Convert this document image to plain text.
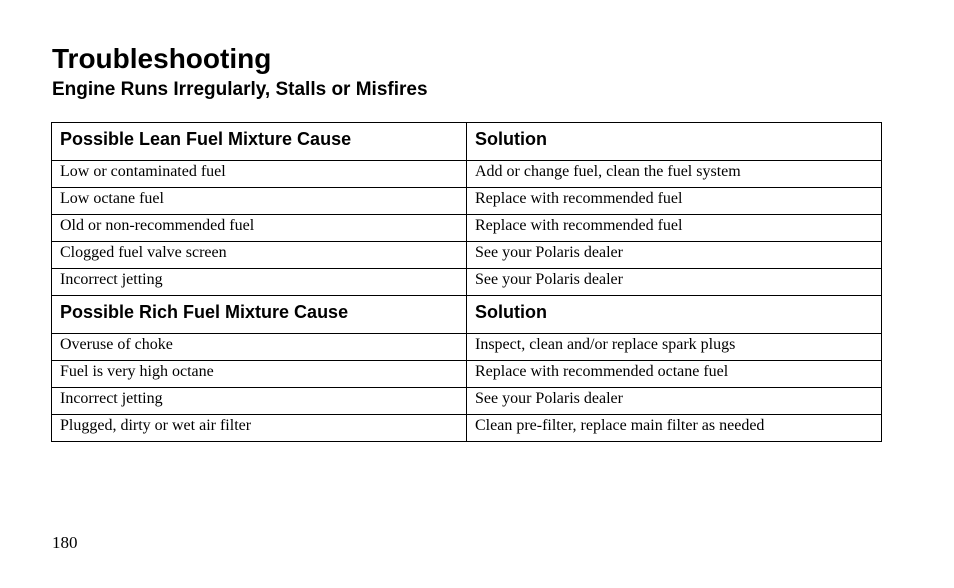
Troubleshooting
Engine Runs Irregularly, Stalls or Misfires
Possible Lean Fuel Mixture Cause	Solution
Low or contaminated fuel	Add or change fuel, clean the fuel system
Low octane fuel	Replace with recommended fuel
Old or non-recommended fuel	Replace with recommended fuel
Clogged fuel valve screen	See your Polaris dealer
Incorrect jetting	See your Polaris dealer
Possible Rich Fuel Mixture Cause	Solution
Overuse of choke	Inspect, clean and/or replace spark plugs
Fuel is very high octane	Replace with recommended octane fuel
Incorrect jetting	See your Polaris dealer
Plugged, dirty or wet air filter	Clean pre-filter, replace main filter as needed
180
